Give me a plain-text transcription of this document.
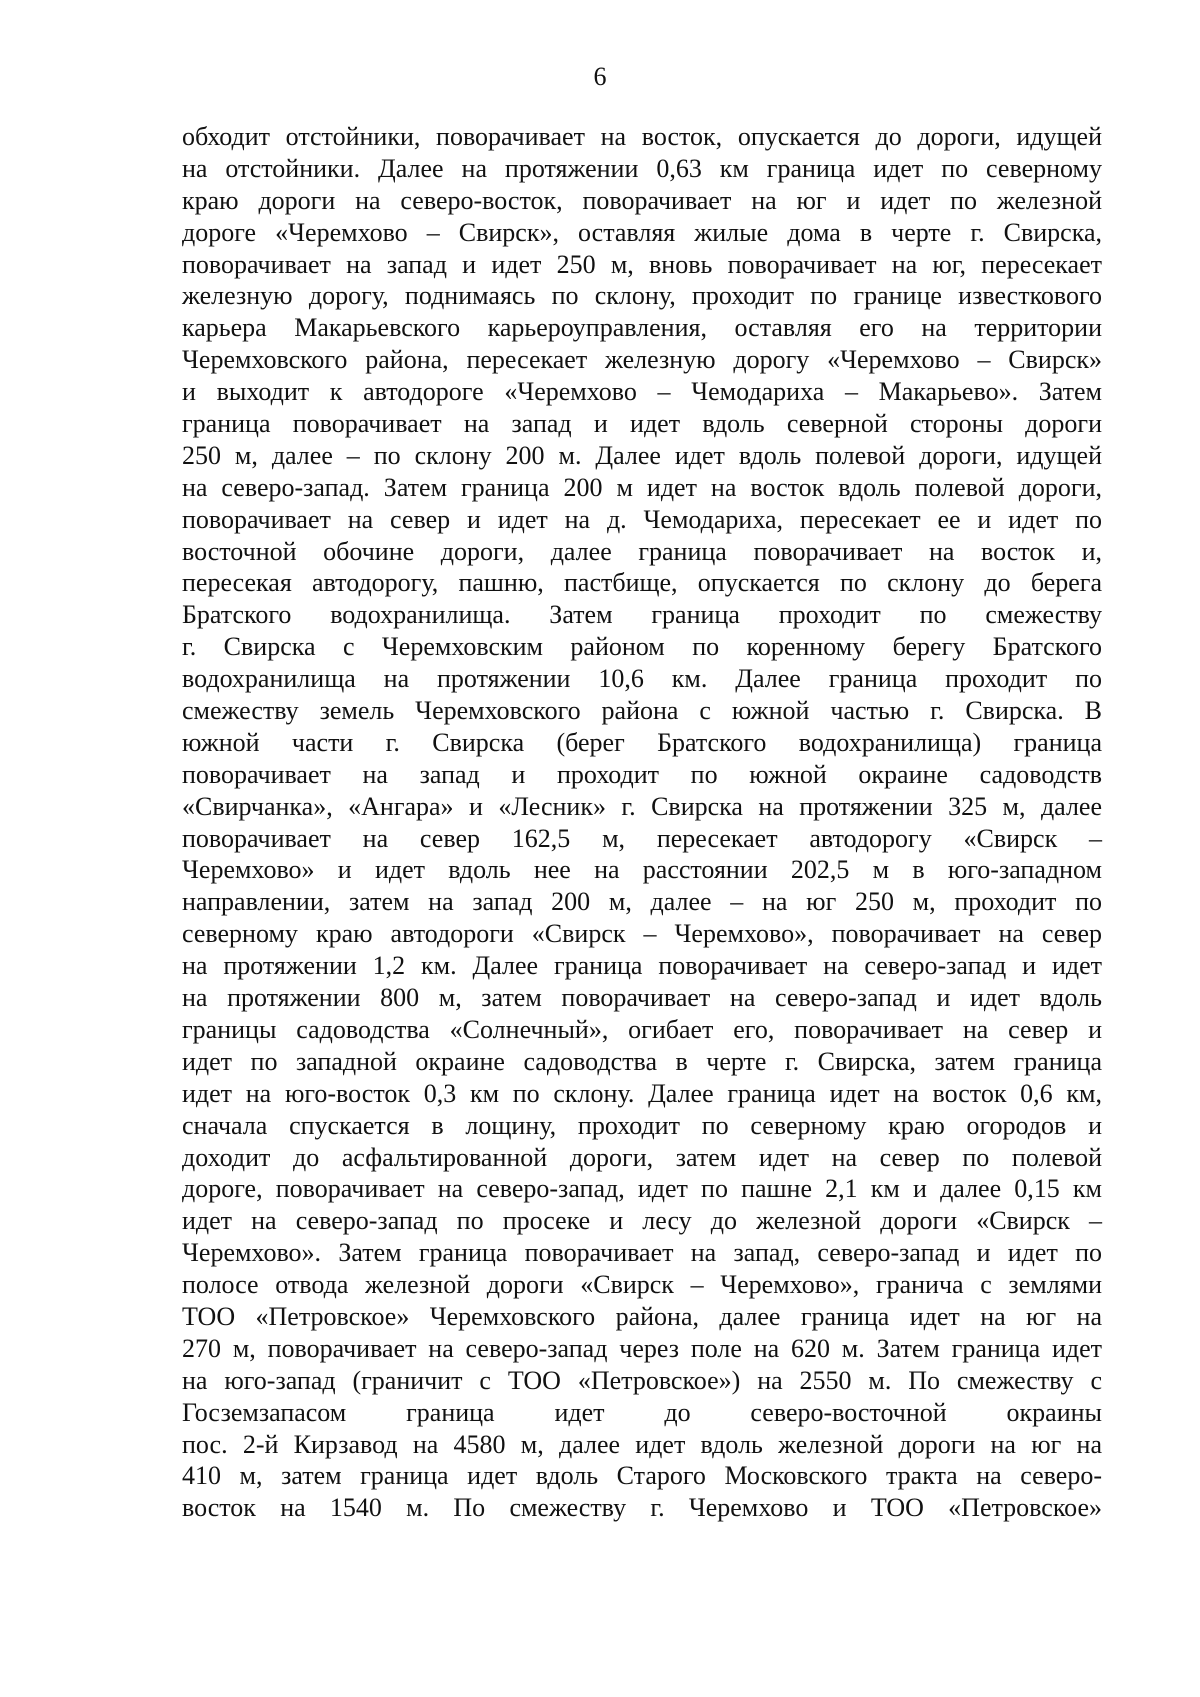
6
обходит отстойники, поворачивает на восток, опускается до дороги, идущей
на отстойники. Далее на протяжении 0,63 км граница идет по северному
краю дороги на северо-восток, поворачивает на юг и идет по железной
дороге «Черемхово – Свирск», оставляя жилые дома в черте г. Свирска,
поворачивает на запад и идет 250 м, вновь поворачивает на юг, пересекает
железную дорогу, поднимаясь по склону, проходит по границе известкового
карьера Макарьевского карьероуправления, оставляя его на территории
Черемховского района, пересекает железную дорогу «Черемхово – Свирск»
и выходит к автодороге «Черемхово – Чемодариха – Макарьево». Затем
граница поворачивает на запад и идет вдоль северной стороны дороги
250 м, далее – по склону 200 м. Далее идет вдоль полевой дороги, идущей
на северо-запад. Затем граница 200 м идет на восток вдоль полевой дороги,
поворачивает на север и идет на д. Чемодариха, пересекает ее и идет по
восточной обочине дороги, далее граница поворачивает на восток и,
пересекая автодорогу, пашню, пастбище, опускается по склону до берега
Братского водохранилища. Затем граница проходит по смежеству
г. Свирска с Черемховским районом по коренному берегу Братского
водохранилища на протяжении 10,6 км. Далее граница проходит по
смежеству земель Черемховского района с южной частью г. Свирска. В
южной части г. Свирска (берег Братского водохранилища) граница
поворачивает на запад и проходит по южной окраине садоводств
«Свирчанка», «Ангара» и «Лесник» г. Свирска на протяжении 325 м, далее
поворачивает на север 162,5 м, пересекает автодорогу «Свирск –
Черемхово» и идет вдоль нее на расстоянии 202,5 м в юго-западном
направлении, затем на запад 200 м, далее – на юг 250 м, проходит по
северному краю автодороги «Свирск – Черемхово», поворачивает на север
на протяжении 1,2 км. Далее граница поворачивает на северо-запад и идет
на протяжении 800 м, затем поворачивает на северо-запад и идет вдоль
границы садоводства «Солнечный», огибает его, поворачивает на север и
идет по западной окраине садоводства в черте г. Свирска, затем граница
идет на юго-восток 0,3 км по склону. Далее граница идет на восток 0,6 км,
сначала спускается в лощину, проходит по северному краю огородов и
доходит до асфальтированной дороги, затем идет на север по полевой
дороге, поворачивает на северо-запад, идет по пашне 2,1 км и далее 0,15 км
идет на северо-запад по просеке и лесу до железной дороги «Свирск –
Черемхово». Затем граница поворачивает на запад, северо-запад и идет по
полосе отвода железной дороги «Свирск – Черемхово», гранича с землями
ТОО «Петровское» Черемховского района, далее граница идет на юг на
270 м, поворачивает на северо-запад через поле на 620 м. Затем граница идет
на юго-запад (граничит с ТОО «Петровское») на 2550 м. По смежеству с
Госземзапасом граница идет до северо-восточной окраины
пос. 2-й Кирзавод на 4580 м, далее идет вдоль железной дороги на юг на
410 м, затем граница идет вдоль Старого Московского тракта на северо-
восток на 1540 м. По смежеству г. Черемхово и ТОО «Петровское»
